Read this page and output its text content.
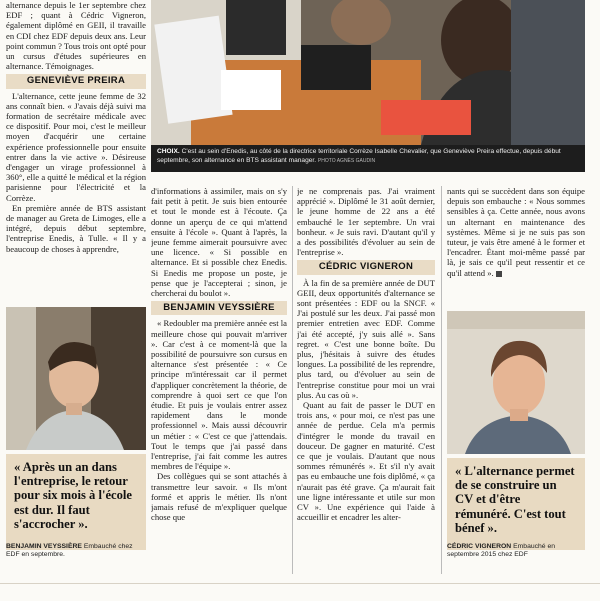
alternance depuis le 1er septembre chez EDF ; quant à Cédric Vigneron, également diplômé en GEII, il travaille en CDI chez EDF depuis deux ans. Leur point commun ? Tous trois ont opté pour un cursus d'études supérieures en alternance. Témoignages.

GENEVIÈVE PREIRA

L'alternance, cette jeune femme de 32 ans connaît bien. « J'avais déjà suivi ma formation de secrétaire médicale avec ce dispositif. Pour moi, c'est le meilleur moyen d'acquérir une certaine expérience professionnelle pour ensuite entrer dans la vie active ». Désireuse d'engager un virage professionnel à 360°, elle a quitté le médical et la région parisienne pour l'électricité et la Corrèze.

En première année de BTS assistant de manager au Greta de Limoges, elle a intégré, depuis début septembre, l'entreprise Enedis, à Tulle. « Il y a beaucoup de choses à apprendre,

« Après un an dans l'entreprise, le retour pour six mois à l'école est dur. Il faut s'accrocher ».
BENJAMIN VEYSSIÈRE Embauché chez EDF en septembre.
CHOIX. C'est au sein d'Enedis, au côté de la directrice territoriale Corrèze Isabelle Chevalier, que Geneviève Preira effectue, depuis début septembre, son alternance en BTS assistant manager. PHOTO AGNÈS GAUDIN

d'informations à assimiler, mais on s'y fait petit à petit. Je suis bien entourée et tout le monde est à l'écoute. Ça donne un aperçu de ce qui m'attend ensuite à l'école ». Quant à l'après, la jeune femme aimerait poursuivre avec une licence. « Si possible en alternance. Et si possible chez Enedis. Si Enedis me propose un poste, je pense que je l'accepterai ; sinon, je chercherai du boulot ».

BENJAMIN VEYSSIÈRE

« Redoubler ma première année est la meilleure chose qui pouvait m'arriver ». Car c'est à ce moment-là que la possibilité de poursuivre son cursus en alternance s'est présentée : « Ce principe m'intéressait car il permet d'appliquer concrètement la théorie, de comprendre à quoi sert ce que l'on étudie. Et puis je voulais entrer assez rapidement dans le monde professionnel ». Mais aussi découvrir un métier : « C'est ce que j'attendais. Tout le temps que j'ai passé dans l'entreprise, j'ai fait comme les autres membres de l'équipe ».

Des collègues qui se sont attachés à transmettre leur savoir. « Ils m'ont formé et appris le métier. Ils n'ont jamais refusé de m'expliquer quelque chose que

je ne comprenais pas. J'ai vraiment apprécié ». Diplômé le 31 août dernier, le jeune homme de 22 ans a été embauché le 1er septembre. Un vrai bonheur. « Je suis ravi. D'autant qu'il y a des possibilités d'évoluer au sein de l'entreprise ».

CÉDRIC VIGNERON

À la fin de sa première année de DUT GEII, deux opportunités d'alternance se sont présentées : EDF ou la SNCF. « J'ai postulé sur les deux. J'ai passé mon premier entretien avec EDF. Comme j'ai été accepté, j'y suis allé ». Sans regret. « C'est une bonne boîte. Du plus, j'hésitais à suivre des études longues. La possibilité de les reprendre, plus tard, ou d'évoluer au sein de l'entreprise constitue pour moi un vrai plus. Au cas où ».

Quant au fait de passer le DUT en trois ans, « pour moi, ce n'est pas une année de perdue. Cela m'a permis d'intégrer le monde du travail en douceur. De gagner en maturité. C'est ce que je voulais. D'autant que nous sommes rémunérés ». Et s'il n'y avait pas eu embauche une fois diplômé, « ça n'aurait pas été grave. Ça m'aurait fait une ligne intéressante et utile sur mon CV ». Une expérience qui l'aide à accueillir et encadrer les alter-

nants qui se succèdent dans son équipe depuis son embauche : « Nous sommes sensibles à ça. Cette année, nous avons un alternant en maintenance des systèmes. Même si je ne suis pas son tuteur, je vais être amené à le former et l'encadrer. Étant moi-même passé par là, je sais ce qu'il peut ressentir et ce qu'il attend ».

« L'alternance permet de se construire un CV et d'être rémunéré. C'est tout bénef ».
CÉDRIC VIGNERON Embauché en septembre 2015 chez EDF
